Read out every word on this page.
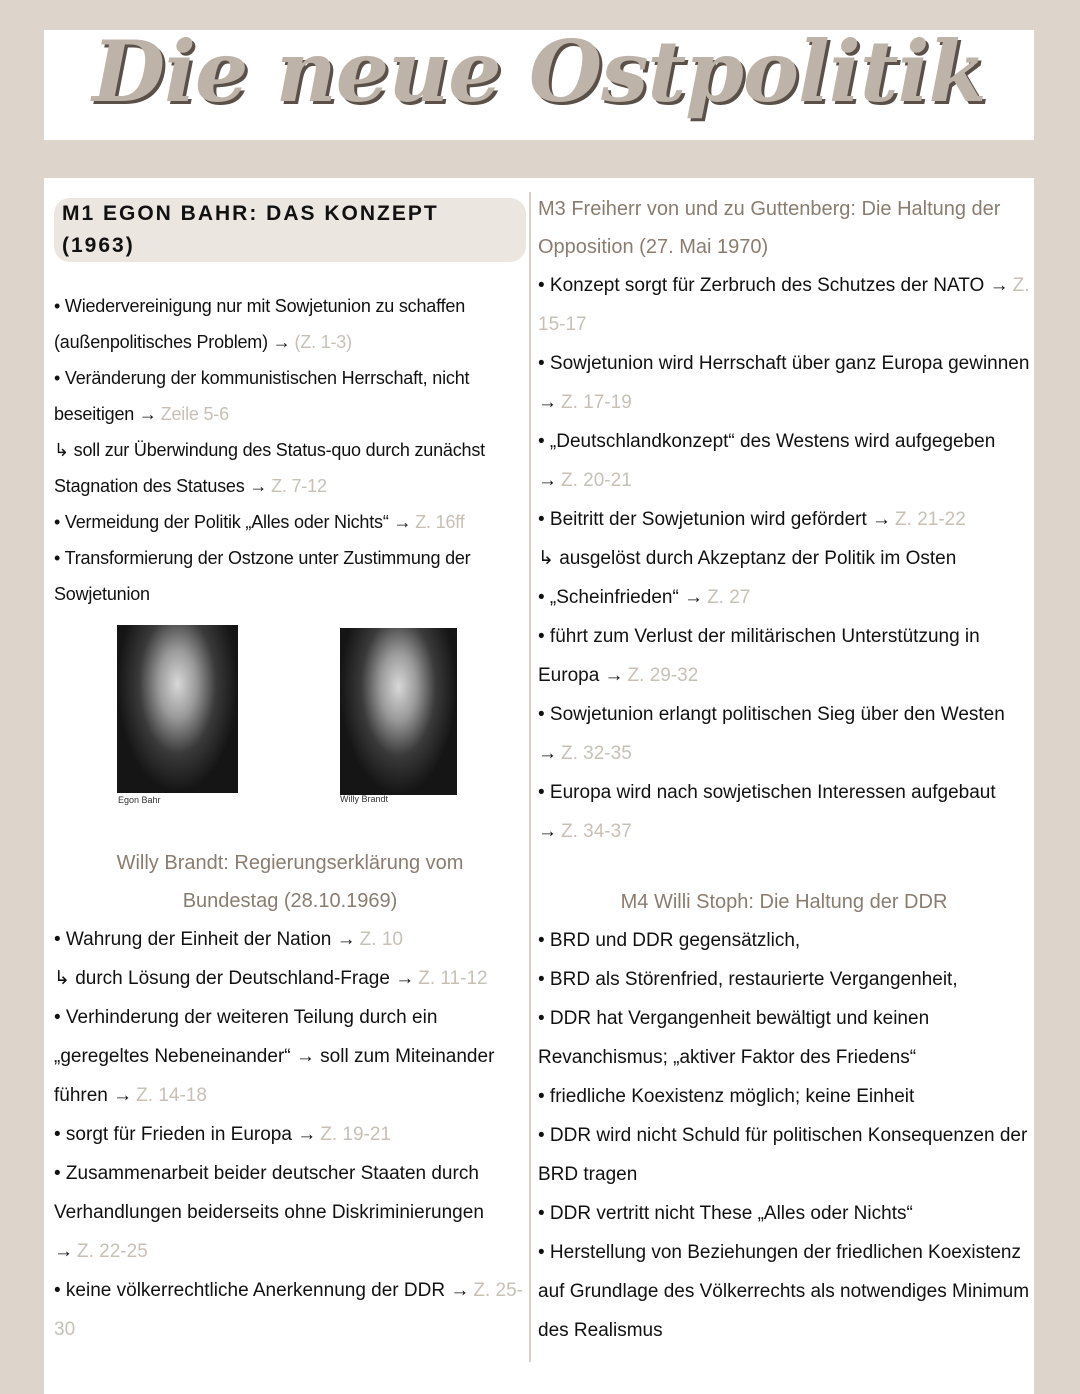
Die neue Ostpolitik
M1 EGON BAHR: DAS KONZEPT (1963)

• Wiedervereinigung nur mit Sowjetunion zu schaffen (außenpolitisches Problem) → (Z. 1-3)

• Veränderung der kommunistischen Herrschaft, nicht beseitigen → Zeile 5-6

↳ soll zur Überwindung des Status-quo durch zunächst Stagnation des Statuses → Z. 7-12

• Vermeidung der Politik „Alles oder Nichts“ → Z. 16ff

• Transformierung der Ostzone unter Zustimmung der Sowjetunion

Egon Bahr	Willy Brandt
Willy Brandt: Regierungserklärung vom
Bundestag (28.10.1969)

• Wahrung der Einheit der Nation → Z. 10

↳ durch Lösung der Deutschland-Frage → Z. 11-12

• Verhinderung der weiteren Teilung durch ein „geregeltes Nebeneinander“ → soll zum Miteinander führen → Z. 14-18

• sorgt für Frieden in Europa → Z. 19-21

• Zusammenarbeit beider deutscher Staaten durch Verhandlungen beiderseits ohne Diskriminierungen → Z. 22-25

• keine völkerrechtliche Anerkennung der DDR → Z. 25-30

M3 Freiherr von und zu Guttenberg: Die Haltung der Opposition (27. Mai 1970)

• Konzept sorgt für Zerbruch des Schutzes der NATO → Z. 15-17

• Sowjetunion wird Herrschaft über ganz Europa gewinnen → Z. 17-19

• „Deutschlandkonzept“ des Westens wird aufgegeben → Z. 20-21

• Beitritt der Sowjetunion wird gefördert → Z. 21-22

↳ ausgelöst durch Akzeptanz der Politik im Osten

• „Scheinfrieden“ → Z. 27

• führt zum Verlust der militärischen Unterstützung in Europa → Z. 29-32

• Sowjetunion erlangt politischen Sieg über den Westen → Z. 32-35

• Europa wird nach sowjetischen Interessen aufgebaut → Z. 34-37

M4 Willi Stoph: Die Haltung der DDR

• BRD und DDR gegensätzlich,

• BRD als Störenfried, restaurierte Vergangenheit,

• DDR hat Vergangenheit bewältigt und keinen Revanchismus; „aktiver Faktor des Friedens“

• friedliche Koexistenz möglich; keine Einheit

• DDR wird nicht Schuld für politischen Konsequenzen der BRD tragen

• DDR vertritt nicht These „Alles oder Nichts“

• Herstellung von Beziehungen der friedlichen Koexistenz auf Grundlage des Völkerrechts als notwendiges Minimum des Realismus
